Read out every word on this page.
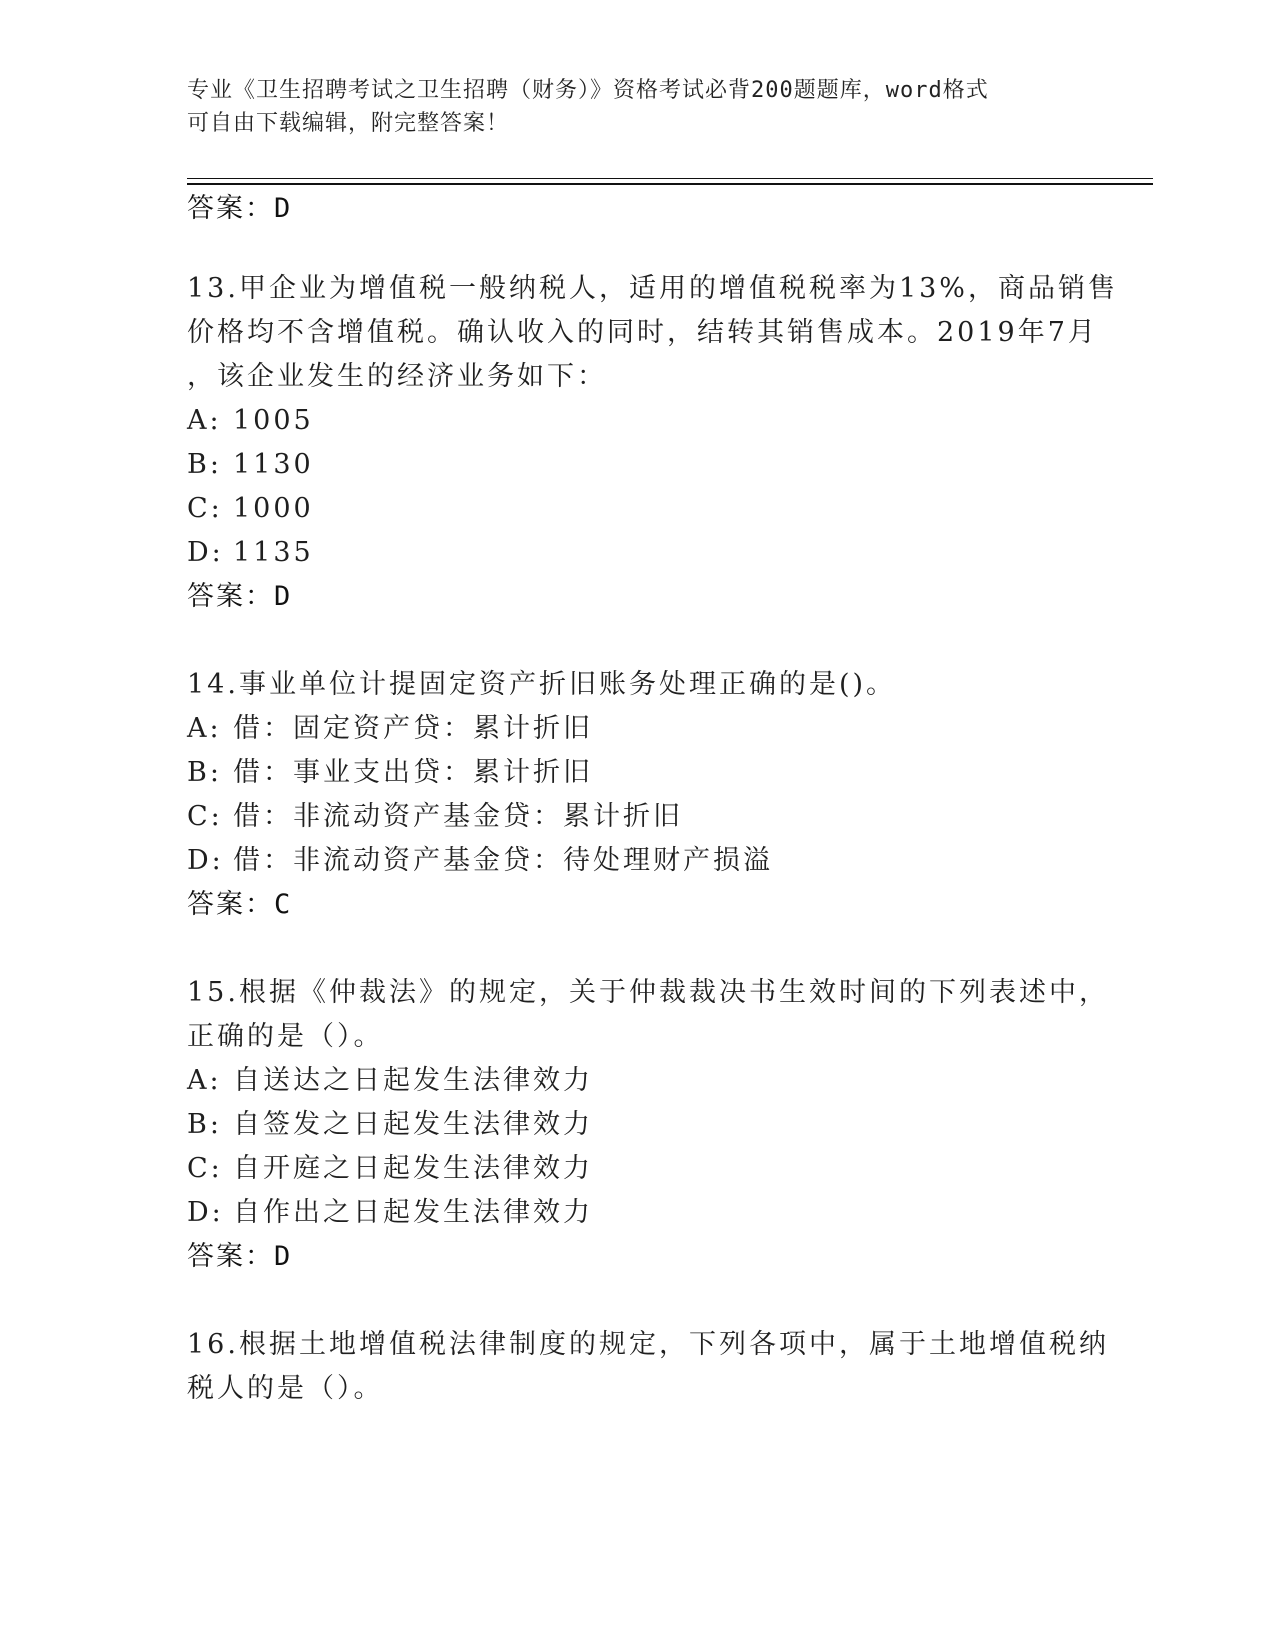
专业《卫生招聘考试之卫生招聘（财务）》资格考试必背200题题库，word格式
可自由下载编辑，附完整答案！
答案：D
13.甲企业为增值税一般纳税人，适用的增值税税率为13%，商品销售
价格均不含增值税。确认收入的同时，结转其销售成本。2019年7月
，该企业发生的经济业务如下：
A: 1005
B: 1130
C: 1000
D: 1135
答案：D
14.事业单位计提固定资产折旧账务处理正确的是()。
A: 借：固定资产贷：累计折旧
B: 借：事业支出贷：累计折旧
C: 借：非流动资产基金贷：累计折旧
D: 借：非流动资产基金贷：待处理财产损溢
答案：C
15.根据《仲裁法》的规定，关于仲裁裁决书生效时间的下列表述中，
正确的是（）。
A: 自送达之日起发生法律效力
B: 自签发之日起发生法律效力
C: 自开庭之日起发生法律效力
D: 自作出之日起发生法律效力
答案：D
16.根据土地增值税法律制度的规定，下列各项中，属于土地增值税纳
税人的是（）。
